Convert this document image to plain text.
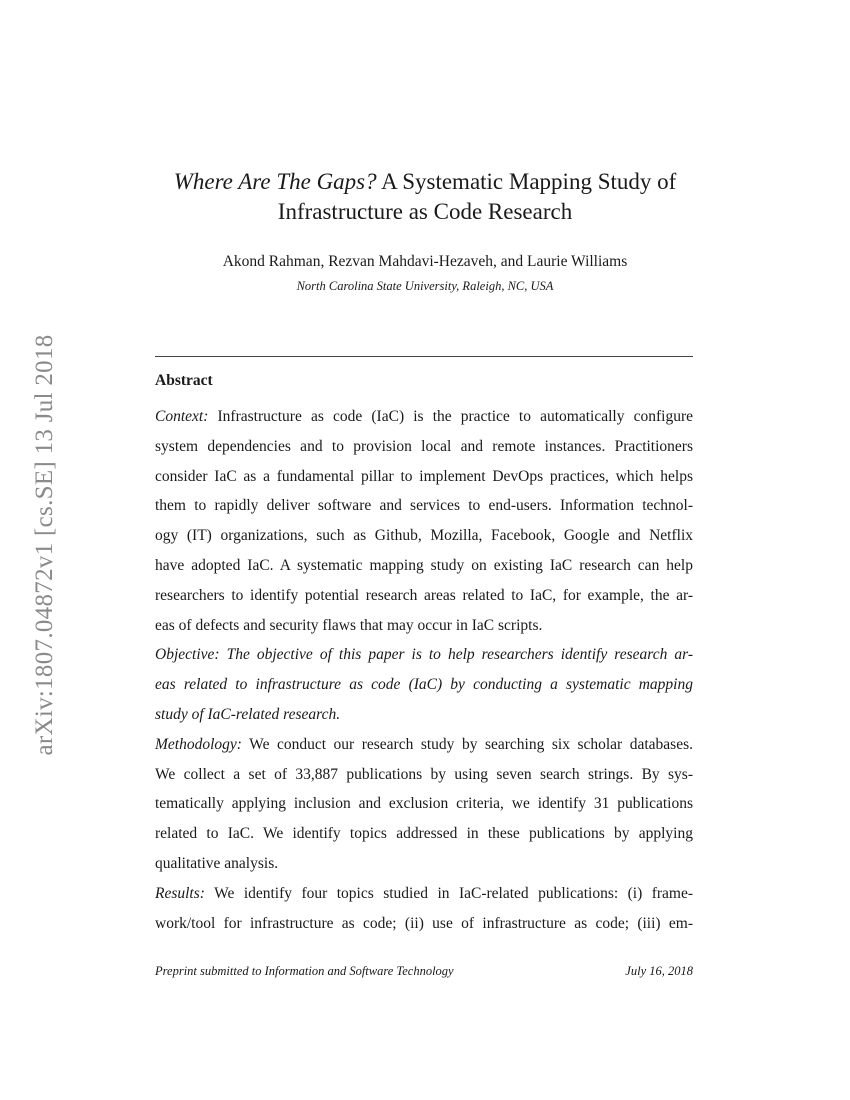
arXiv:1807.04872v1 [cs.SE] 13 Jul 2018
Where Are The Gaps? A Systematic Mapping Study of
Infrastructure as Code Research
Akond Rahman, Rezvan Mahdavi-Hezaveh, and Laurie Williams
North Carolina State University, Raleigh, NC, USA
Abstract
Context: Infrastructure as code (IaC) is the practice to automatically configure
system dependencies and to provision local and remote instances. Practitioners
consider IaC as a fundamental pillar to implement DevOps practices, which helps
them to rapidly deliver software and services to end-users. Information technol-
ogy (IT) organizations, such as Github, Mozilla, Facebook, Google and Netflix
have adopted IaC. A systematic mapping study on existing IaC research can help
researchers to identify potential research areas related to IaC, for example, the ar-
eas of defects and security flaws that may occur in IaC scripts.
Objective: The objective of this paper is to help researchers identify research ar-
eas related to infrastructure as code (IaC) by conducting a systematic mapping
study of IaC-related research.
Methodology: We conduct our research study by searching six scholar databases.
We collect a set of 33,887 publications by using seven search strings. By sys-
tematically applying inclusion and exclusion criteria, we identify 31 publications
related to IaC. We identify topics addressed in these publications by applying
qualitative analysis.
Results: We identify four topics studied in IaC-related publications: (i) frame-
work/tool for infrastructure as code; (ii) use of infrastructure as code; (iii) em-
Preprint submitted to Information and Software Technology	July 16, 2018
